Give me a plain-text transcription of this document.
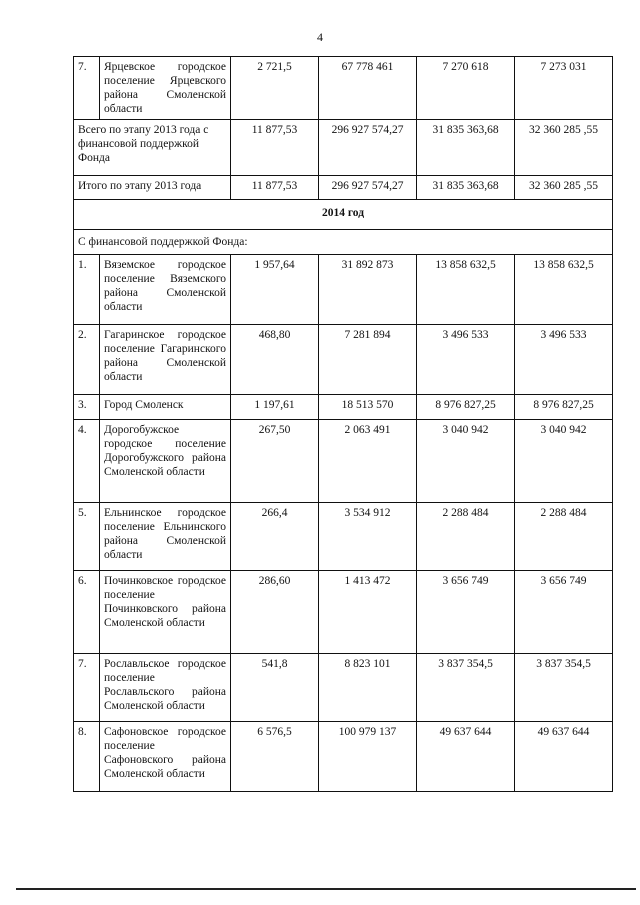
4
7.	Ярцевское городское поселение Ярцевского района Смоленской области	2 721,5	67 778 461	7 270 618	7 273 031
Всего по этапу 2013 года с финансовой поддержкой Фонда		11 877,53	296 927 574,27	31 835 363,68	32 360 285 ,55
Итого по этапу 2013 года		11 877,53	296 927 574,27	31 835 363,68	32 360 285 ,55
2014 год					
С финансовой поддержкой Фонда:					
1.	Вяземское городское поселение Вяземского района Смоленской области	1 957,64	31 892 873	13 858 632,5	13 858 632,5
2.	Гагаринское городское поселение Гагаринского района Смоленской области	468,80	7 281 894	3 496 533	3 496 533
3.	Город Смоленск	1 197,61	18 513 570	8 976 827,25	8 976 827,25
4.	Дорогобужское городское поселение Дорогобужского района Смоленской области	267,50	2 063 491	3 040 942	3 040 942
5.	Ельнинское городское поселение Ельнинского района Смоленской области	266,4	3 534 912	2 288 484	2 288 484
6.	Починковское городское поселение Починковского района Смоленской области	286,60	1 413 472	3 656 749	3 656 749
7.	Рославльское городское поселение Рославльского района Смоленской области	541,8	8 823 101	3 837 354,5	3 837 354,5
8.	Сафоновское городское поселение Сафоновского района Смоленской области	6 576,5	100 979 137	49 637 644	49 637 644
